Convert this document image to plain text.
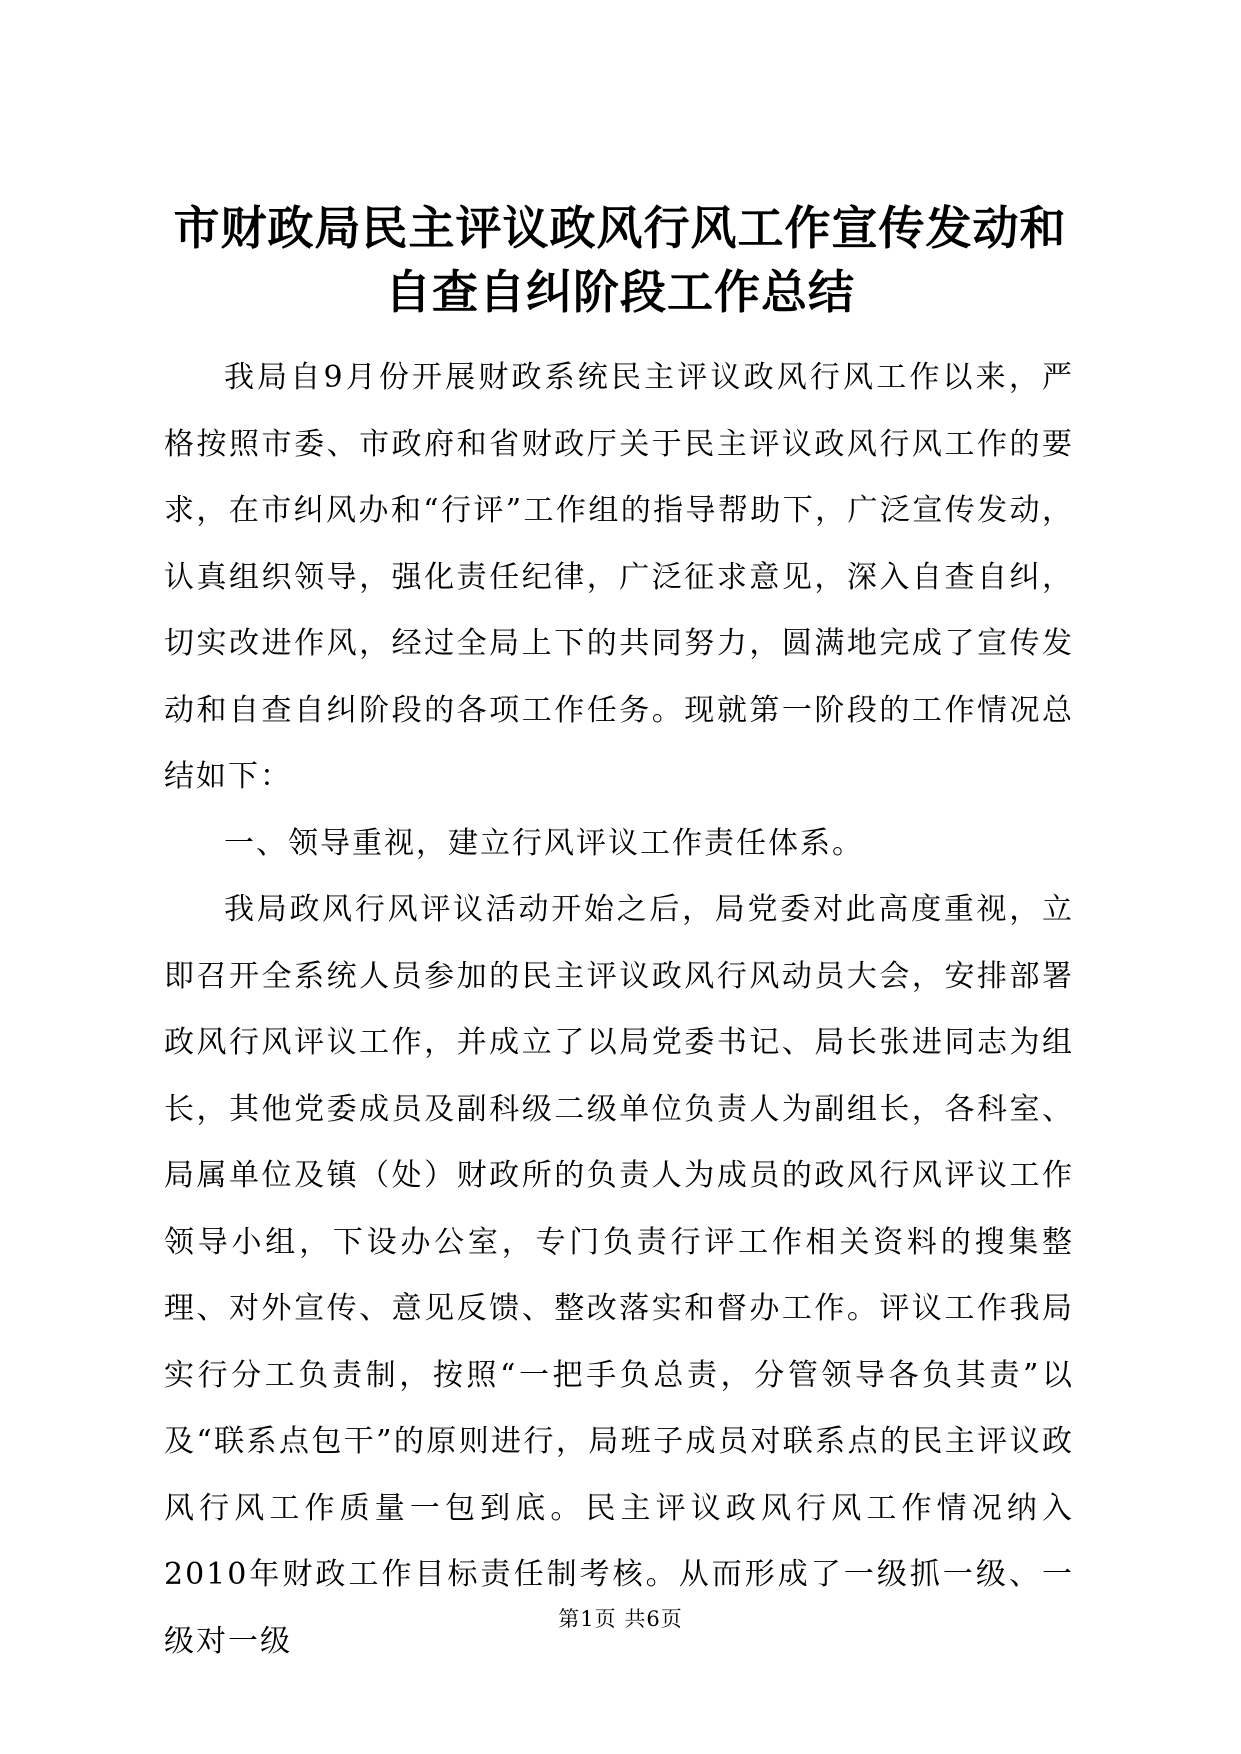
市财政局民主评议政风行风工作宣传发动和自查自纠阶段工作总结

我局自9月份开展财政系统民主评议政风行风工作以来，严格按照市委、市政府和省财政厅关于民主评议政风行风工作的要求，在市纠风办和“行评”工作组的指导帮助下，广泛宣传发动，认真组织领导，强化责任纪律，广泛征求意见，深入自查自纠，切实改进作风，经过全局上下的共同努力，圆满地完成了宣传发动和自查自纠阶段的各项工作任务。现就第一阶段的工作情况总结如下：

一、领导重视，建立行风评议工作责任体系。

我局政风行风评议活动开始之后，局党委对此高度重视，立即召开全系统人员参加的民主评议政风行风动员大会，安排部署政风行风评议工作，并成立了以局党委书记、局长张进同志为组长，其他党委成员及副科级二级单位负责人为副组长，各科室、局属单位及镇（处）财政所的负责人为成员的政风行风评议工作领导小组，下设办公室，专门负责行评工作相关资料的搜集整理、对外宣传、意见反馈、整改落实和督办工作。评议工作我局实行分工负责制，按照“一把手负总责，分管领导各负其责”以及“联系点包干”的原则进行，局班子成员对联系点的民主评议政风行风工作质量一包到底。民主评议政风行风工作情况纳入2010年财政工作目标责任制考核。从而形成了一级抓一级、一级对一级

第1页 共6页
